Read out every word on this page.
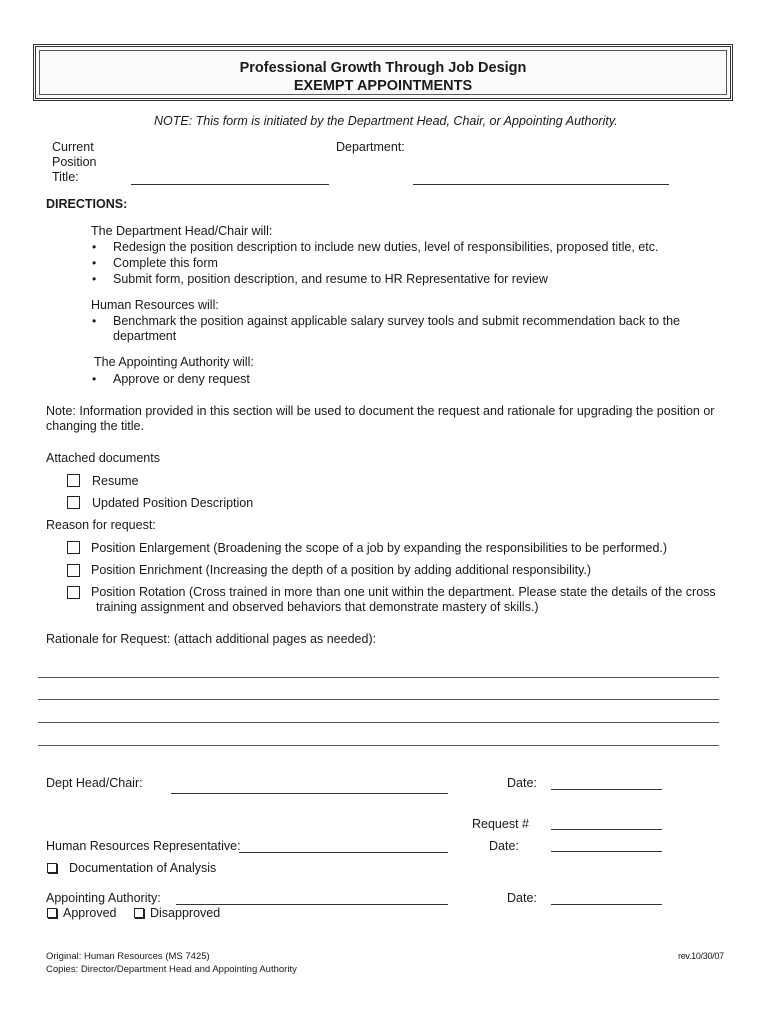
Professional Growth Through Job Design
EXEMPT APPOINTMENTS
NOTE: This form is initiated by the Department Head, Chair, or Appointing Authority.
Current
Position
Title:
Department:
DIRECTIONS:
The Department Head/Chair will:
• Redesign the position description to include new duties, level of responsibilities, proposed title, etc.
• Complete this form
• Submit form, position description, and resume to HR Representative for review
Human Resources will:
• Benchmark the position against applicable salary survey tools and submit recommendation back to the
department
The Appointing Authority will:
• Approve or deny request
Note: Information provided in this section will be used to document the request and rationale for upgrading the position or
changing the title.
Attached documents
Resume
Updated Position Description
Reason for request:
Position Enlargement (Broadening the scope of a job by expanding the responsibilities to be performed.)
Position Enrichment (Increasing the depth of a position by adding additional responsibility.)
Position Rotation (Cross trained in more than one unit within the department. Please state the details of the cross
training assignment and observed behaviors that demonstrate mastery of skills.)
Rationale for Request: (attach additional pages as needed):
Dept Head/Chair:	Date:
Request #
Human Resources Representative:	Date:
Documentation of Analysis
Appointing Authority:	Date:
Approved	Disapproved
Original: Human Resources (MS 7425)
Copies: Director/Department Head and Appointing Authority
rev.10/30/07
